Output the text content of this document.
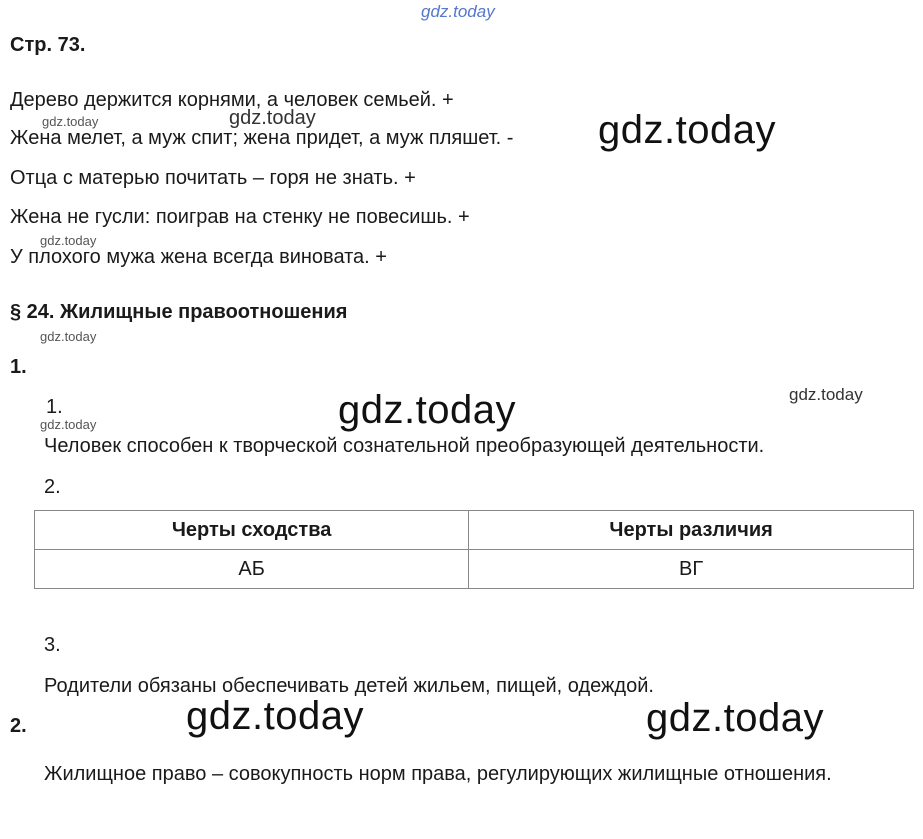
gdz.today
Стр. 73.
Дерево держится корнями, а человек семьей. +
Жена мелет, а муж спит; жена придет, а муж пляшет. -
Отца с матерью почитать – горя не знать. +
Жена не гусли: поиграв на стенку не повесишь. +
У плохого мужа жена всегда виновата. +
gdz.today	gdz.today	gdz.today
gdz.today
§ 24. Жилищные правоотношения
gdz.today
1.
1.
gdz.today	gdz.today	gdz.today
Человек способен к творческой сознательной преобразующей деятельности.
2.
Черты сходства	Черты различия
АБ	ВГ
3.
Родители обязаны обеспечивать детей жильем, пищей, одеждой.
2.	gdz.today	gdz.today
Жилищное право – совокупность норм права, регулирующих жилищные отношения.
